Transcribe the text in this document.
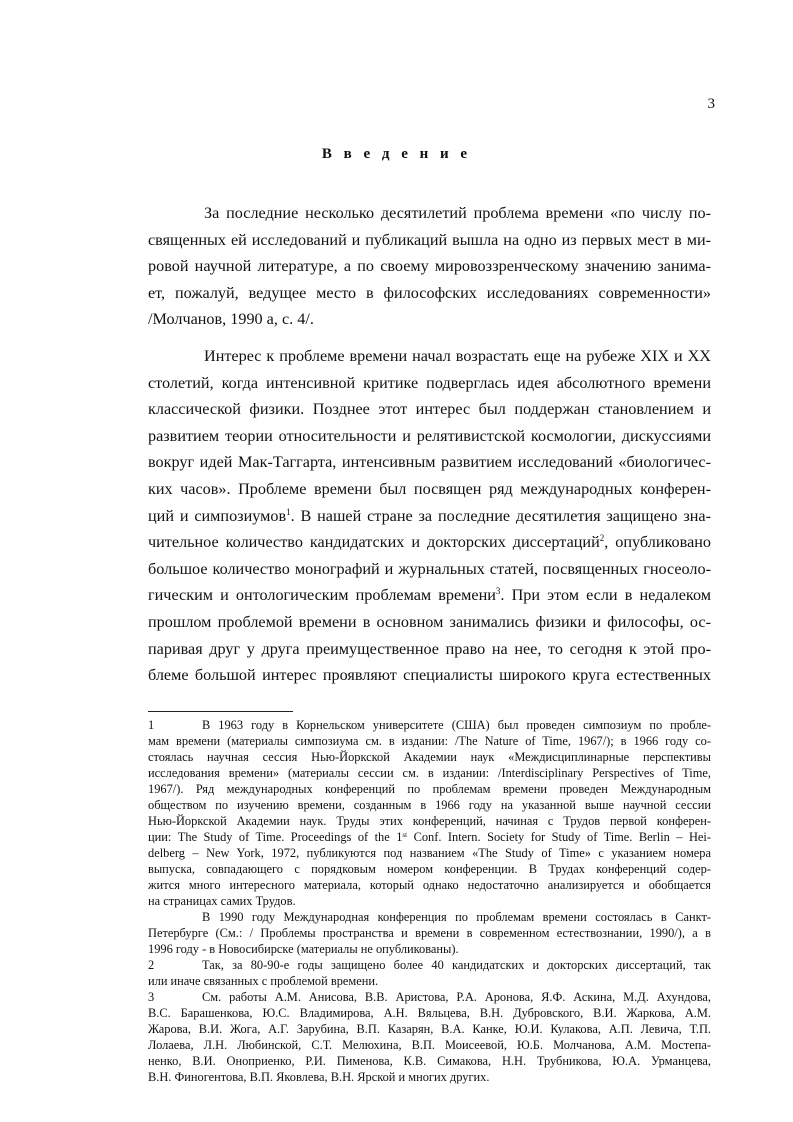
3
В в е д е н и е
За последние несколько десятилетий проблема времени «по числу по-
священных ей исследований и публикаций вышла на одно из первых мест в ми-
ровой научной литературе, а по своему мировоззренческому значению занима-
ет, пожалуй, ведущее место в философских исследованиях современности»
/Молчанов, 1990 а, с. 4/.
Интерес к проблеме времени начал возрастать еще на рубеже XIX и XX
столетий, когда интенсивной критике подверглась идея абсолютного времени
классической физики. Позднее этот интерес был поддержан становлением и
развитием теории относительности и релятивистской космологии, дискуссиями
вокруг идей Мак-Таггарта, интенсивным развитием исследований «биологичес-
ких часов». Проблеме времени был посвящен ряд международных конферен-
ций и симпозиумов$^1$. В нашей стране за последние десятилетия защищено зна-
чительное количество кандидатских и докторских диссертаций$^2$, опубликовано
большое количество монографий и журнальных статей, посвященных гносеоло-
гическим и онтологическим проблемам времени$^3$. При этом если в недалеком
прошлом проблемой времени в основном занимались физики и философы, ос-
паривая друг у друга преимущественное право на нее, то сегодня к этой про-
блеме большой интерес проявляют специалисты широкого круга естественных
1	В 1963 году в Корнельском университете (США) был проведен симпозиум по пробле-
мам времени (материалы симпозиума см. в издании: /The Nature of Time, 1967/); в 1966 году со-
стоялась научная сессия Нью-Йоркской Академии наук «Междисциплинарные перспективы
исследования времени» (материалы сессии см. в издании: /Interdisciplinary Perspectives of Time,
1967/). Ряд международных конференций по проблемам времени проведен Международным
обществом по изучению времени, созданным в 1966 году на указанной выше научной сессии
Нью-Йоркской Академии наук. Труды этих конференций, начиная с Трудов первой конферен-
ции: The Study of Time. Proceedings of the 1st Conf. Intern. Society for Study of Time. Berlin – Hei-
delberg – New York, 1972, публикуются под названием «The Study of Time» с указанием номера
выпуска, совпадающего с порядковым номером конференции. В Трудах конференций содер-
жится много интересного материала, который однако недостаточно анализируется и обобщается
на страницах самих Трудов.
В 1990 году Международная конференция по проблемам времени состоялась в Санкт-
Петербурге (См.: / Проблемы пространства и времени в современном естествознании, 1990/), а в
1996 году - в Новосибирске (материалы не опубликованы).
2	Так, за 80-90-е годы защищено более 40 кандидатских и докторских диссертаций, так
или иначе связанных с проблемой времени.
3	См. работы А.М. Анисова, В.В. Аристова, Р.А. Аронова, Я.Ф. Аскина, М.Д. Ахундова,
В.С. Барашенкова, Ю.С. Владимирова, А.Н. Вяльцева, В.Н. Дубровского, В.И. Жаркова, А.М.
Жарова, В.И. Жога, А.Г. Зарубина, В.П. Казарян, В.А. Канке, Ю.И. Кулакова, А.П. Левича, Т.П.
Лолаева, Л.Н. Любинской, С.Т. Мелюхина, В.П. Моисеевой, Ю.Б. Молчанова, А.М. Мостепа-
ненко, В.И. Оноприенко, Р.И. Пименова, К.В. Симакова, Н.Н. Трубникова, Ю.А. Урманцева,
В.Н. Финогентова, В.П. Яковлева, В.Н. Ярской и многих других.
